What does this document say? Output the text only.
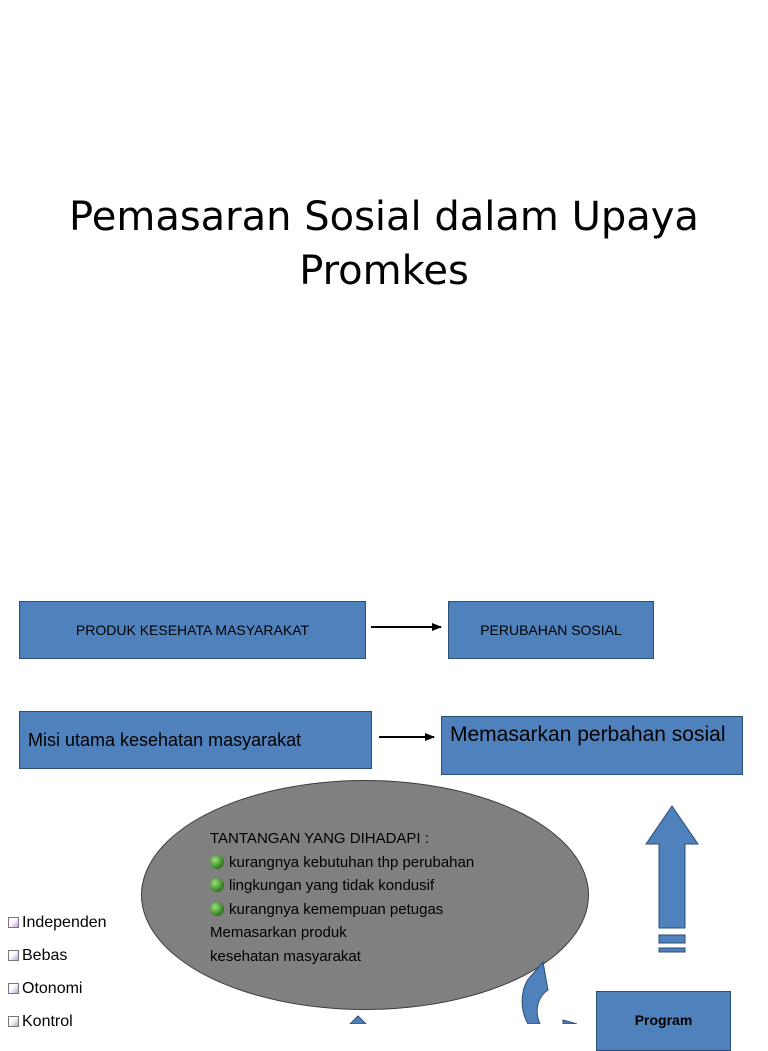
Pemasaran Sosial dalam Upaya
Promkes
PRODUK KESEHATA MASYARAKAT	PERUBAHAN SOSIAL
Misi utama kesehatan masyarakat	Memasarkan perbahan sosial
TANTANGAN YANG DIHADAPI :
kurangnya kebutuhan thp perubahan
lingkungan yang tidak kondusif
kurangnya kemempuan petugas
Memasarkan produk
kesehatan masyarakat
Program
Independen
Bebas
Otonomi
Kontrol
